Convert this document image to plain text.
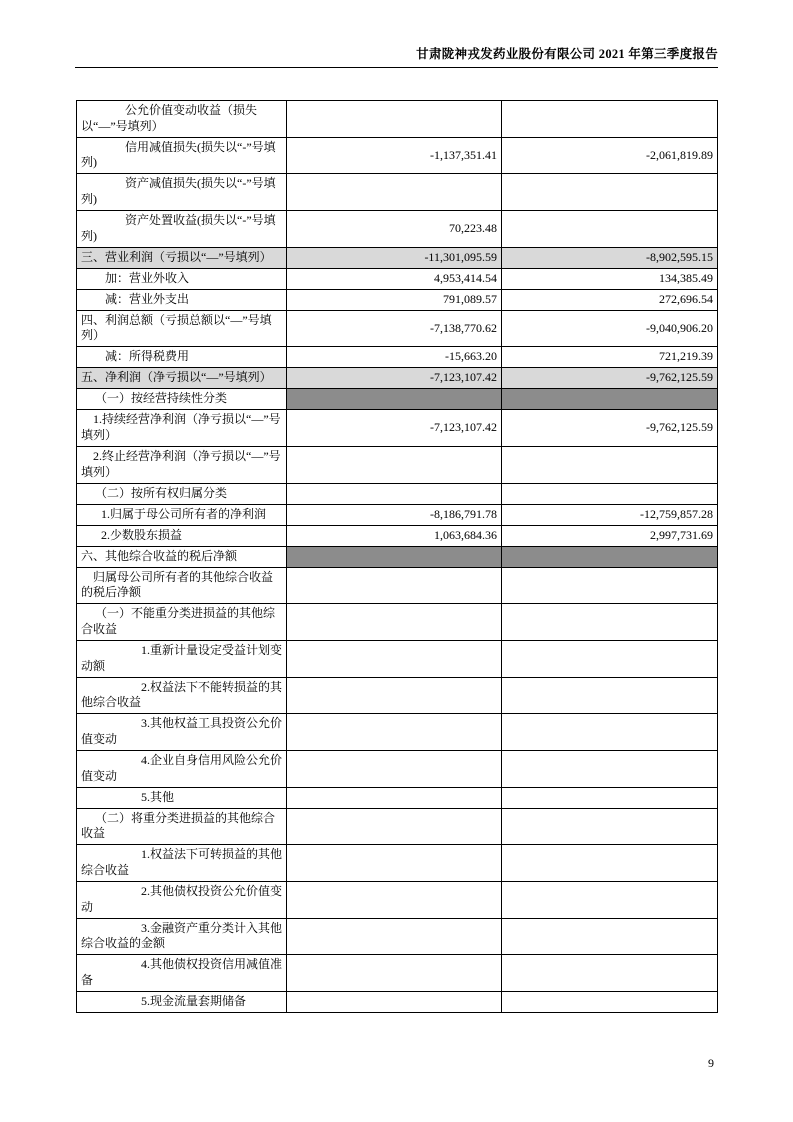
甘肃陇神戎发药业股份有限公司 2021 年第三季度报告
公允价值变动收益（损失以“—”号填列）		

信用减值损失(损失以“-”号填列)	-1,137,351.41	-2,061,819.89

资产减值损失(损失以“-”号填列)		

资产处置收益(损失以“-”号填列)	70,223.48	

三、营业利润（亏损以“—”号填列）	-11,301,095.59	-8,902,595.15

加：营业外收入	4,953,414.54	134,385.49

减：营业外支出	791,089.57	272,696.54

四、利润总额（亏损总额以“—”号填列）	-7,138,770.62	-9,040,906.20

减：所得税费用	-15,663.20	721,219.39

五、净利润（净亏损以“—”号填列）	-7,123,107.42	-9,762,125.59

（一）按经营持续性分类		

1.持续经营净利润（净亏损以“—”号填列）	-7,123,107.42	-9,762,125.59

2.终止经营净利润（净亏损以“—”号填列）		

（二）按所有权归属分类		

1.归属于母公司所有者的净利润	-8,186,791.78	-12,759,857.28

2.少数股东损益	1,063,684.36	2,997,731.69

六、其他综合收益的税后净额		

归属母公司所有者的其他综合收益的税后净额		

（一）不能重分类进损益的其他综合收益		

1.重新计量设定受益计划变动额		

2.权益法下不能转损益的其他综合收益		

3.其他权益工具投资公允价值变动		

4.企业自身信用风险公允价值变动		

5.其他		

（二）将重分类进损益的其他综合收益		

1.权益法下可转损益的其他综合收益		

2.其他债权投资公允价值变动		

3.金融资产重分类计入其他综合收益的金额		

4.其他债权投资信用减值准备		

5.现金流量套期储备		

9
